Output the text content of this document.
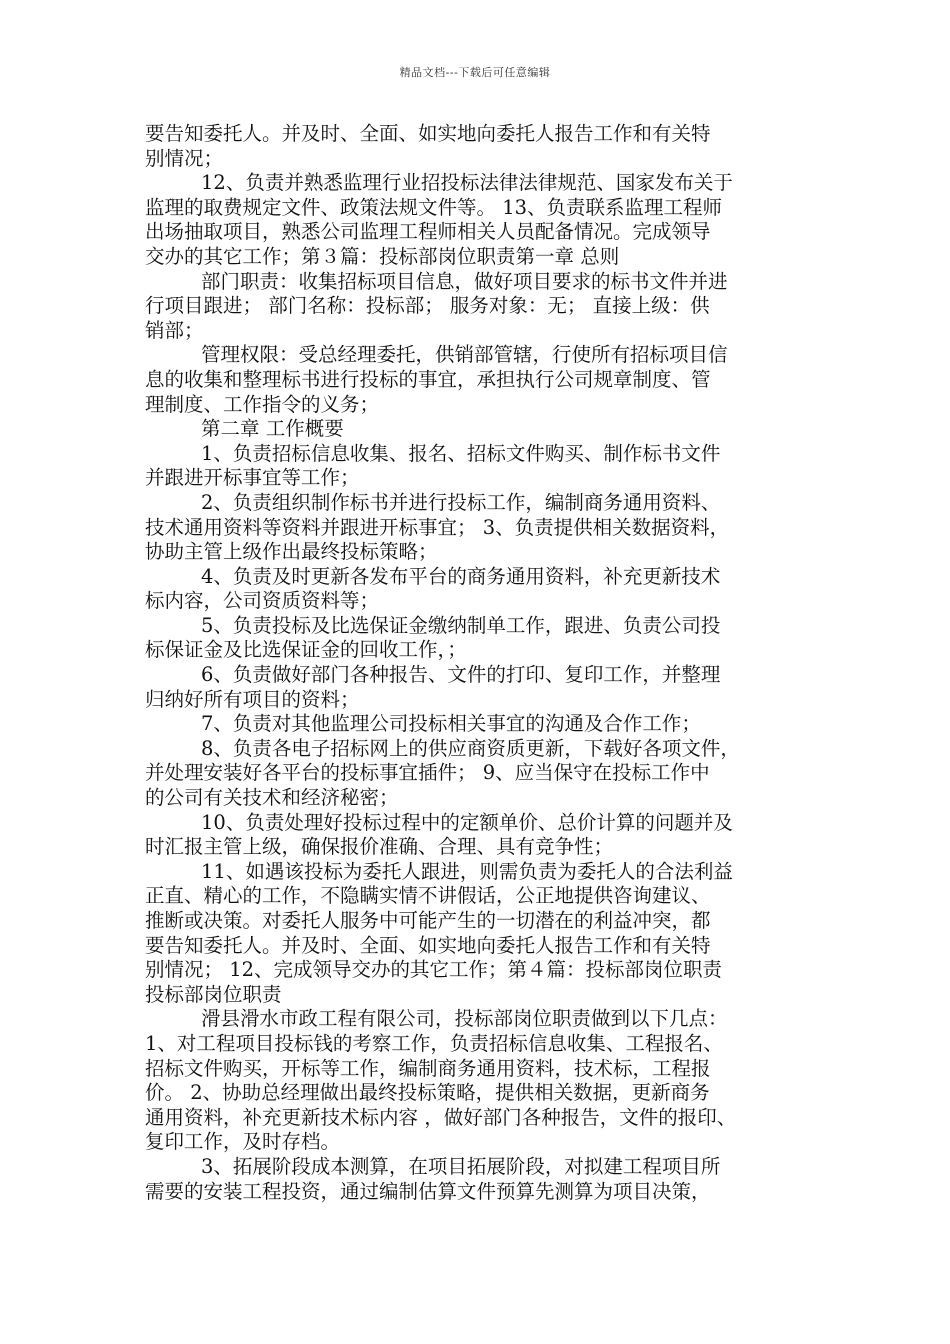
精品文档---下载后可任意编辑
要告知委托人。并及时、全面、如实地向委托人报告工作和有关特
别情况；
12、负责并熟悉监理行业招投标法律法律规范、国家发布关于
监理的取费规定文件、政策法规文件等。 13、负责联系监理工程师
出场抽取项目，熟悉公司监理工程师相关人员配备情况。完成领导
交办的其它工作；第３篇：投标部岗位职责第一章 总则
部门职责：收集招标项目信息，做好项目要求的标书文件并进
行项目跟进； 部门名称：投标部； 服务对象：无； 直接上级：供
销部；
管理权限：受总经理委托，供销部管辖，行使所有招标项目信
息的收集和整理标书进行投标的事宜，承担执行公司规章制度、管
理制度、工作指令的义务；
第二章 工作概要
1、负责招标信息收集、报名、招标文件购买、制作标书文件
并跟进开标事宜等工作；
2、负责组织制作标书并进行投标工作，编制商务通用资料、
技术通用资料等资料并跟进开标事宜； 3、负责提供相关数据资料，
协助主管上级作出最终投标策略；
4、负责及时更新各发布平台的商务通用资料，补充更新技术
标内容，公司资质资料等；
5、负责投标及比选保证金缴纳制单工作，跟进、负责公司投
标保证金及比选保证金的回收工作，；
6、负责做好部门各种报告、文件的打印、复印工作，并整理
归纳好所有项目的资料；
7、负责对其他监理公司投标相关事宜的沟通及合作工作；
8、负责各电子招标网上的供应商资质更新，下载好各项文件，
并处理安装好各平台的投标事宜插件； 9、应当保守在投标工作中
的公司有关技术和经济秘密；
10、负责处理好投标过程中的定额单价、总价计算的问题并及
时汇报主管上级，确保报价准确、合理、具有竞争性；
11、如遇该投标为委托人跟进，则需负责为委托人的合法利益
正直、精心的工作，不隐瞒实情不讲假话，公正地提供咨询建议、
推断或决策。对委托人服务中可能产生的一切潜在的利益冲突，都
要告知委托人。并及时、全面、如实地向委托人报告工作和有关特
别情况； 12、完成领导交办的其它工作；第４篇：投标部岗位职责
投标部岗位职责
滑县滑水市政工程有限公司，投标部岗位职责做到以下几点：
1、对工程项目投标钱的考察工作，负责招标信息收集、工程报名、
招标文件购买，开标等工作，编制商务通用资料，技术标，工程报
价。 2、协助总经理做出最终投标策略，提供相关数据，更新商务
通用资料，补充更新技术标内容 ，做好部门各种报告，文件的报印、
复印工作，及时存档。
3、拓展阶段成本测算，在项目拓展阶段，对拟建工程项目所
需要的安装工程投资，通过编制估算文件预算先测算为项目决策，
